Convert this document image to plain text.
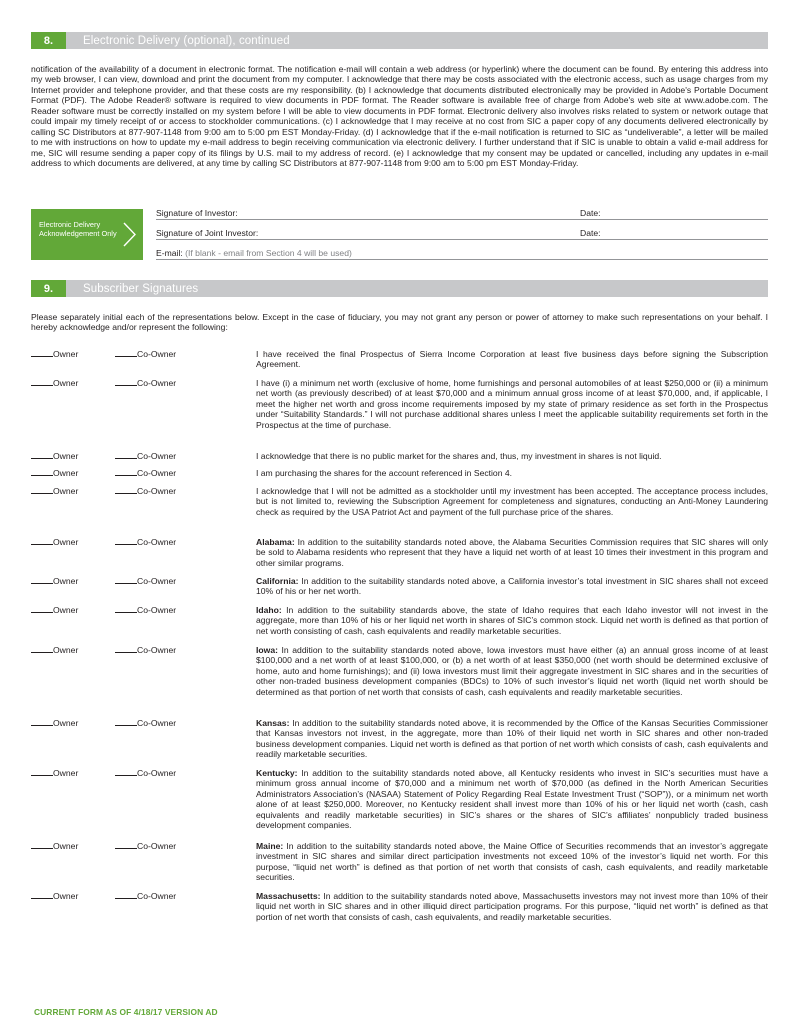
8.	Electronic Delivery (optional), continued
notification of the availability of a document in electronic format. The notification e-mail will contain a web address (or hyperlink) where the document can be found. By entering this address into my web browser, I can view, download and print the document from my computer. I acknowledge that there may be costs associated with the electronic access, such as usage charges from my Internet provider and telephone provider, and that these costs are my responsibility. (b) I acknowledge that documents distributed electronically may be provided in Adobe's Portable Document Format (PDF). The Adobe Reader® software is required to view documents in PDF format. The Reader software is available free of charge from Adobe's web site at www.adobe.com. The Reader software must be correctly installed on my system before I will be able to view documents in PDF format. Electronic delivery also involves risks related to system or network outage that could impair my timely receipt of or access to stockholder communications. (c) I acknowledge that I may receive at no cost from SIC a paper copy of any documents delivered electronically by calling SC Distributors at 877-907-1148 from 9:00 am to 5:00 pm EST Monday-Friday. (d) I acknowledge that if the e-mail notification is returned to SIC as “undeliverable”, a letter will be mailed to me with instructions on how to update my e-mail address to begin receiving communication via electronic delivery. I further understand that if SIC is unable to obtain a valid e-mail address for me, SIC will resume sending a paper copy of its filings by U.S. mail to my address of record. (e) I acknowledge that my consent may be updated or cancelled, including any updates in e-mail address to which documents are delivered, at any time by calling SC Distributors at 877-907-1148 from 9:00 am to 5:00 pm EST Monday-Friday.
Electronic Delivery Acknowledgement Only
Signature of Investor:	Date:
Signature of Joint Investor:	Date:
E-mail: (If blank - email from Section 4 will be used)
9.	Subscriber Signatures
Please separately initial each of the representations below. Except in the case of fiduciary, you may not grant any person or power of attorney to make such representations on your behalf. I hereby acknowledge and/or represent the following:
Owner	Co-Owner	I have received the final Prospectus of Sierra Income Corporation at least five business days before signing the Subscription Agreement.
Owner	Co-Owner	I have (i) a minimum net worth (exclusive of home, home furnishings and personal automobiles of at least $250,000 or (ii) a minimum net worth (as previously described) of at least $70,000 and a minimum annual gross income of at least $70,000, and, if applicable, I meet the higher net worth and gross income requirements imposed by my state of primary residence as set forth in the Prospectus under “Suitability Standards.” I will not purchase additional shares unless I meet the applicable suitability requirements set forth in the Prospectus at the time of purchase.
Owner	Co-Owner	I acknowledge that there is no public market for the shares and, thus, my investment in shares is not liquid.
Owner	Co-Owner	I am purchasing the shares for the account referenced in Section 4.
Owner	Co-Owner	I acknowledge that I will not be admitted as a stockholder until my investment has been accepted. The acceptance process includes, but is not limited to, reviewing the Subscription Agreement for completeness and signatures, conducting an Anti-Money Laundering check as required by the USA Patriot Act and payment of the full purchase price of the shares.
Owner	Co-Owner	Alabama: In addition to the suitability standards noted above, the Alabama Securities Commission requires that SIC shares will only be sold to Alabama residents who represent that they have a liquid net worth of at least 10 times their investment in this program and other similar programs.
Owner	Co-Owner	California: In addition to the suitability standards noted above, a California investor’s total investment in SIC shares shall not exceed 10% of his or her net worth.
Owner	Co-Owner	Idaho: In addition to the suitability standards above, the state of Idaho requires that each Idaho investor will not invest in the aggregate, more than 10% of his or her liquid net worth in shares of SIC’s common stock. Liquid net worth is defined as that portion of net worth consisting of cash, cash equivalents and readily marketable securities.
Owner	Co-Owner	Iowa: In addition to the suitability standards noted above, Iowa investors must have either (a) an annual gross income of at least $100,000 and a net worth of at least $100,000, or (b) a net worth of at least $350,000 (net worth should be determined exclusive of home, auto and home furnishings); and (ii) Iowa investors must limit their aggregate investment in SIC shares and in the securities of other non-traded business development companies (BDCs) to 10% of such investor’s liquid net worth (liquid net worth should be determined as that portion of net worth that consists of cash, cash equivalents and readily marketable securities.
Owner	Co-Owner	Kansas: In addition to the suitability standards noted above, it is recommended by the Office of the Kansas Securities Commissioner that Kansas investors not invest, in the aggregate, more than 10% of their liquid net worth in SIC shares and other non-traded business development companies. Liquid net worth is defined as that portion of net worth which consists of cash, cash equivalents and readily marketable securities.
Owner	Co-Owner	Kentucky: In addition to the suitability standards noted above, all Kentucky residents who invest in SIC’s securities must have a minimum gross annual income of $70,000 and a minimum net worth of $70,000 (as defined in the North American Securities Administrators Association’s (NASAA) Statement of Policy Regarding Real Estate Investment Trust (“SOP”)), or a minimum net worth alone of at least $250,000. Moreover, no Kentucky resident shall invest more than 10% of his or her liquid net worth (cash, cash equivalents and readily marketable securities) in SIC’s shares or the shares of SIC’s affiliates’ nonpublicly traded business development companies.
Owner	Co-Owner	Maine: In addition to the suitability standards noted above, the Maine Office of Securities recommends that an investor’s aggregate investment in SIC shares and similar direct participation investments not exceed 10% of the investor’s liquid net worth. For this purpose, “liquid net worth” is defined as that portion of net worth that consists of cash, cash equivalents, and readily marketable securities.
Owner	Co-Owner	Massachusetts: In addition to the suitability standards noted above, Massachusetts investors may not invest more than 10% of their liquid net worth in SIC shares and in other illiquid direct participation programs. For this purpose, “liquid net worth” is defined as that portion of net worth that consists of cash, cash equivalents, and readily marketable securities.
CURRENT FORM AS OF 4/18/17 VERSION AD
